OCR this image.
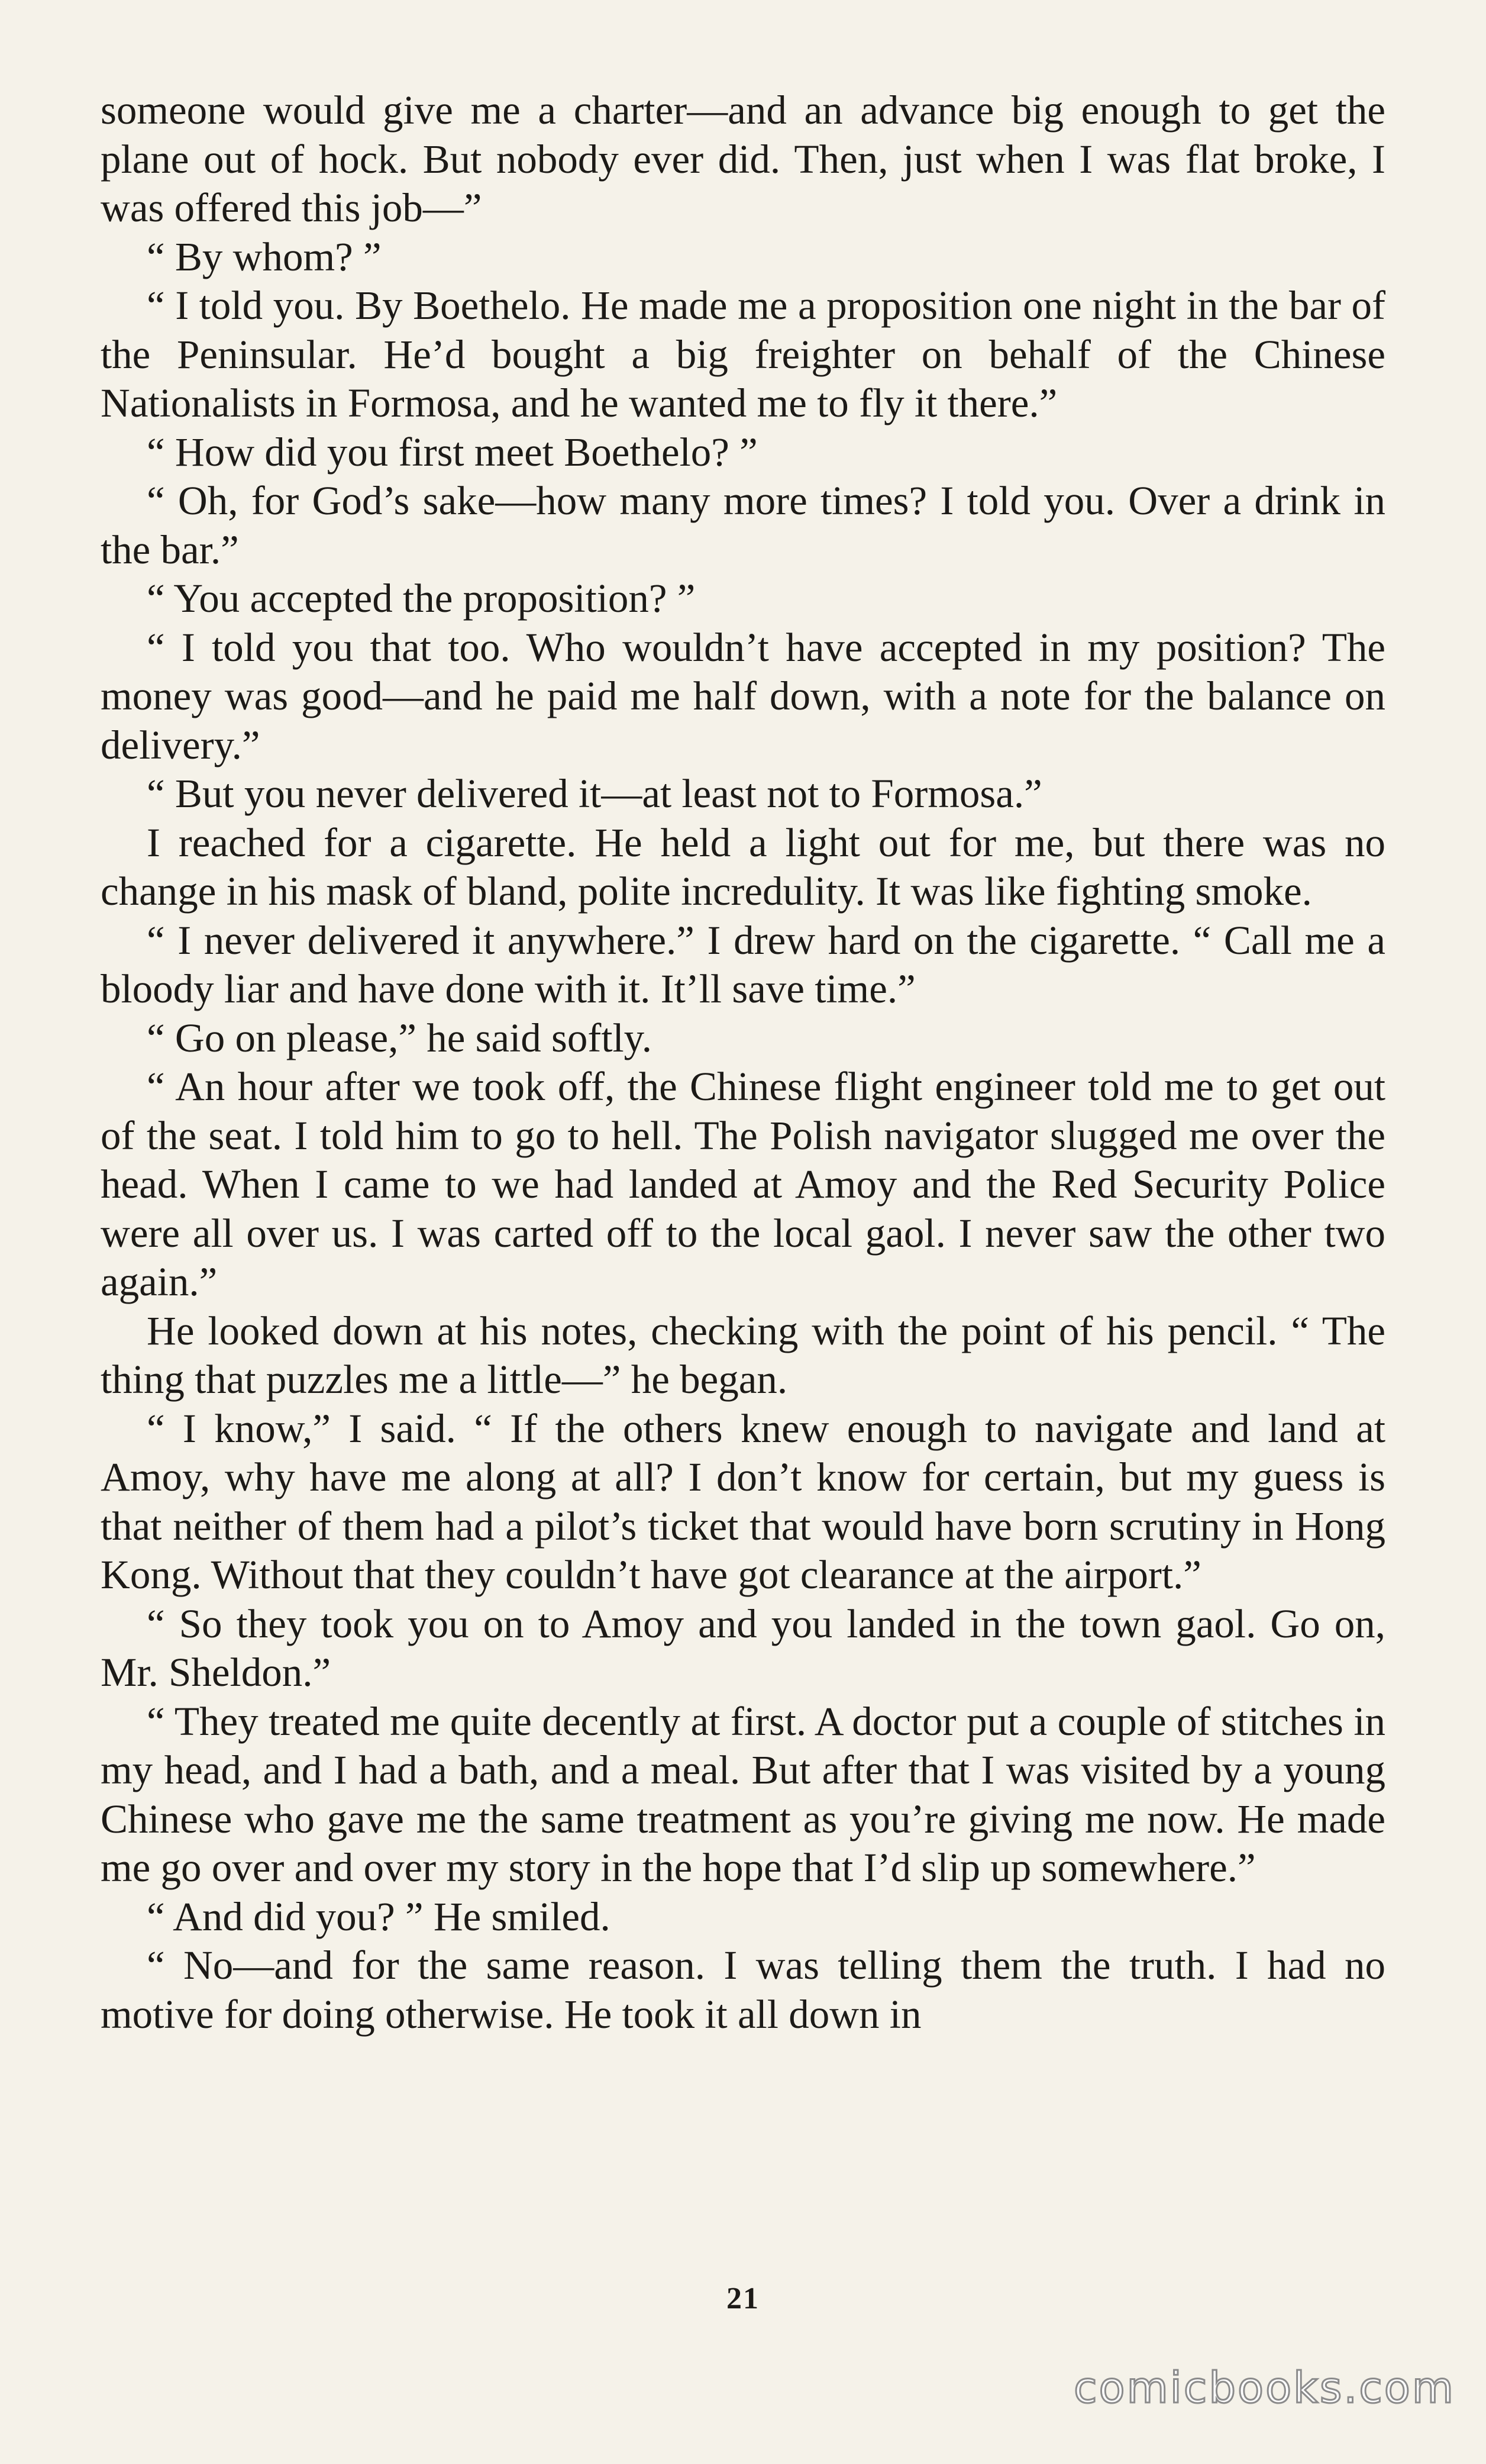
someone would give me a charter—and an advance big enough to get the plane out of hock. But nobody ever did. Then, just when I was flat broke, I was offered this job—”

“ By whom? ”

“ I told you. By Boethelo. He made me a proposition one night in the bar of the Peninsular. He’d bought a big freighter on behalf of the Chinese Nationalists in Formosa, and he wanted me to fly it there.”

“ How did you first meet Boethelo? ”

“ Oh, for God’s sake—how many more times? I told you. Over a drink in the bar.”

“ You accepted the proposition? ”

“ I told you that too. Who wouldn’t have accepted in my position? The money was good—and he paid me half down, with a note for the balance on delivery.”

“ But you never delivered it—at least not to Formosa.”

I reached for a cigarette. He held a light out for me, but there was no change in his mask of bland, polite incredulity. It was like fighting smoke.

“ I never delivered it anywhere.” I drew hard on the cigarette. “ Call me a bloody liar and have done with it. It’ll save time.”

“ Go on please,” he said softly.

“ An hour after we took off, the Chinese flight engineer told me to get out of the seat. I told him to go to hell. The Polish navigator slugged me over the head. When I came to we had landed at Amoy and the Red Security Police were all over us. I was carted off to the local gaol. I never saw the other two again.”

He looked down at his notes, checking with the point of his pencil. “ The thing that puzzles me a little—” he began.

“ I know,” I said. “ If the others knew enough to navigate and land at Amoy, why have me along at all? I don’t know for certain, but my guess is that neither of them had a pilot’s ticket that would have born scrutiny in Hong Kong. Without that they couldn’t have got clearance at the airport.”

“ So they took you on to Amoy and you landed in the town gaol. Go on, Mr. Sheldon.”

“ They treated me quite decently at first. A doctor put a couple of stitches in my head, and I had a bath, and a meal. But after that I was visited by a young Chinese who gave me the same treatment as you’re giving me now. He made me go over and over my story in the hope that I’d slip up somewhere.”

“ And did you? ” He smiled.

“ No—and for the same reason. I was telling them the truth. I had no motive for doing otherwise. He took it all down in

21
comicbooks.com
